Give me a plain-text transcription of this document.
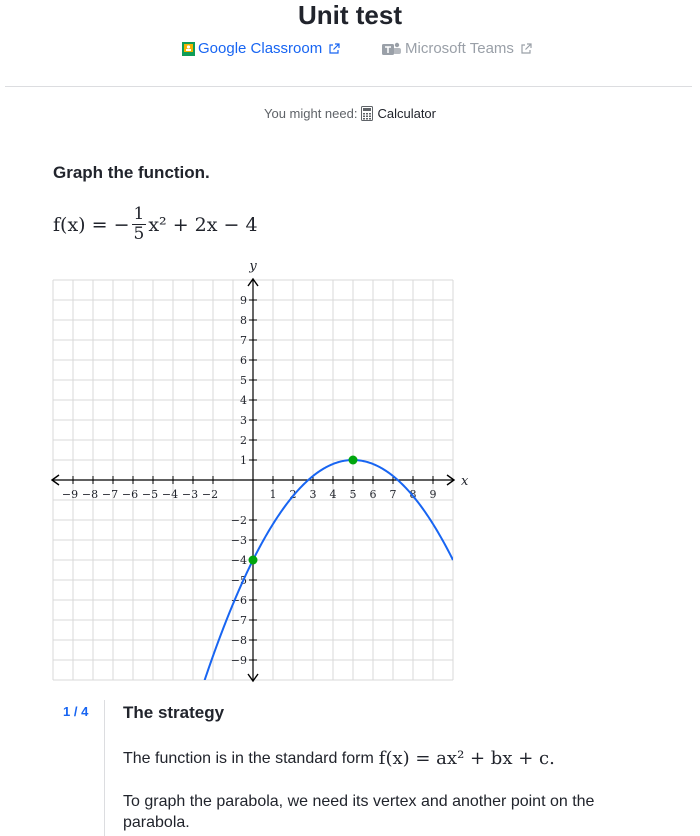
Unit test
Google Classroom	Microsoft Teams
You might need: Calculator
Graph the function.
f(x) = − $\frac{1}{5} x^2 + 2x - 4$
−9 −8 −7 −6 −5 −4 −3 −2	1 2 3 4 5 6 7 8 9
−9
−8
−7
−6
−5
−4
−3
−2
1
2
3
4
5
6
7
8
9
x
y
1 / 4 The strategy
The function is in the standard form f(x) = ax² + bx + c.
To graph the parabola, we need its vertex and another point on the parabola.
